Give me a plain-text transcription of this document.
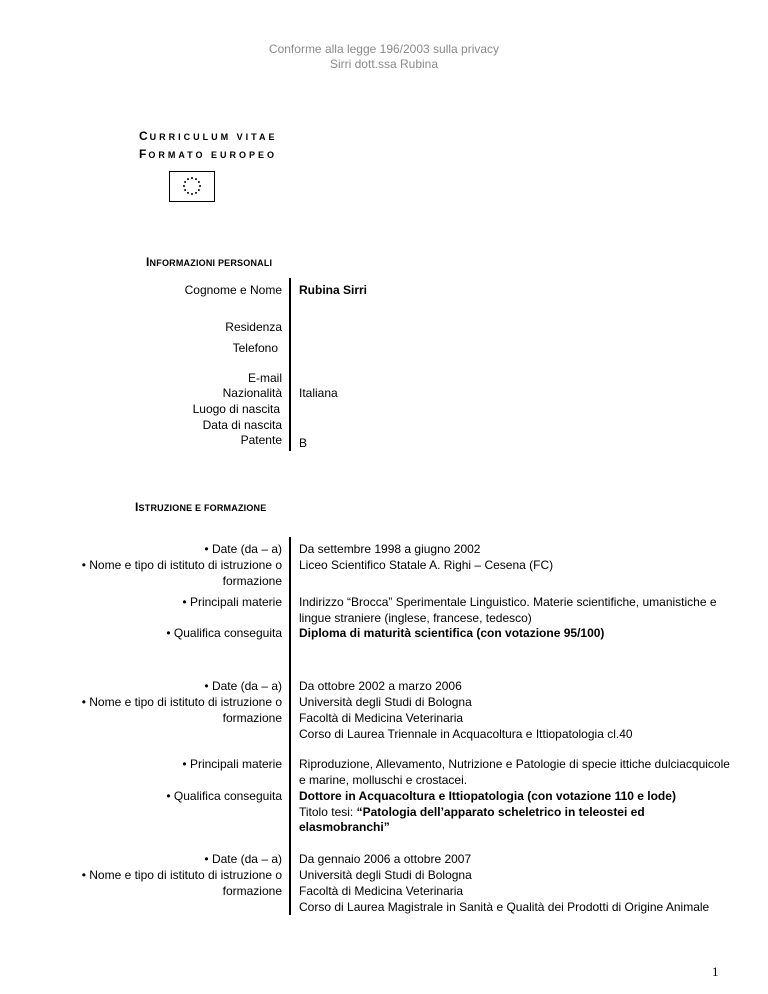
Conforme alla legge 196/2003 sulla privacy
Sirri dott.ssa Rubina
CURRICULUM VITAE
FORMATO EUROPEO
INFORMAZIONI PERSONALI
Cognome e Nome Rubina Sirri
Residenza
Telefono
E-mail
Nazionalità Italiana
Luogo di nascita
Data di nascita
Patente B
ISTRUZIONE E FORMAZIONE
• Date (da – a) Da settembre 1998 a giugno 2002
• Nome e tipo di istituto di istruzione o
formazione
Liceo Scientifico Statale A. Righi – Cesena (FC)
• Principali materie Indirizzo “Brocca” Sperimentale Linguistico. Materie scientifiche, umanistiche e
lingue straniere (inglese, francese, tedesco)
• Qualifica conseguita Diploma di maturità scientifica (con votazione 95/100)
• Date (da – a) Da ottobre 2002 a marzo 2006
• Nome e tipo di istituto di istruzione o
formazione
Università degli Studi di Bologna
Facoltà di Medicina Veterinaria
Corso di Laurea Triennale in Acquacoltura e Ittiopatologia cl.40
• Principali materie Riproduzione, Allevamento, Nutrizione e Patologie di specie ittiche dulciacquicole
e marine, molluschi e crostacei.
• Qualifica conseguita Dottore in Acquacoltura e Ittiopatologia (con votazione 110 e lode)
Titolo tesi: “Patologia dell’apparato scheletrico in teleostei ed
elasmobranchi”
• Date (da – a) Da gennaio 2006 a ottobre 2007
• Nome e tipo di istituto di istruzione o
formazione
Università degli Studi di Bologna
Facoltà di Medicina Veterinaria
Corso di Laurea Magistrale in Sanità e Qualità dei Prodotti di Origine Animale
1
